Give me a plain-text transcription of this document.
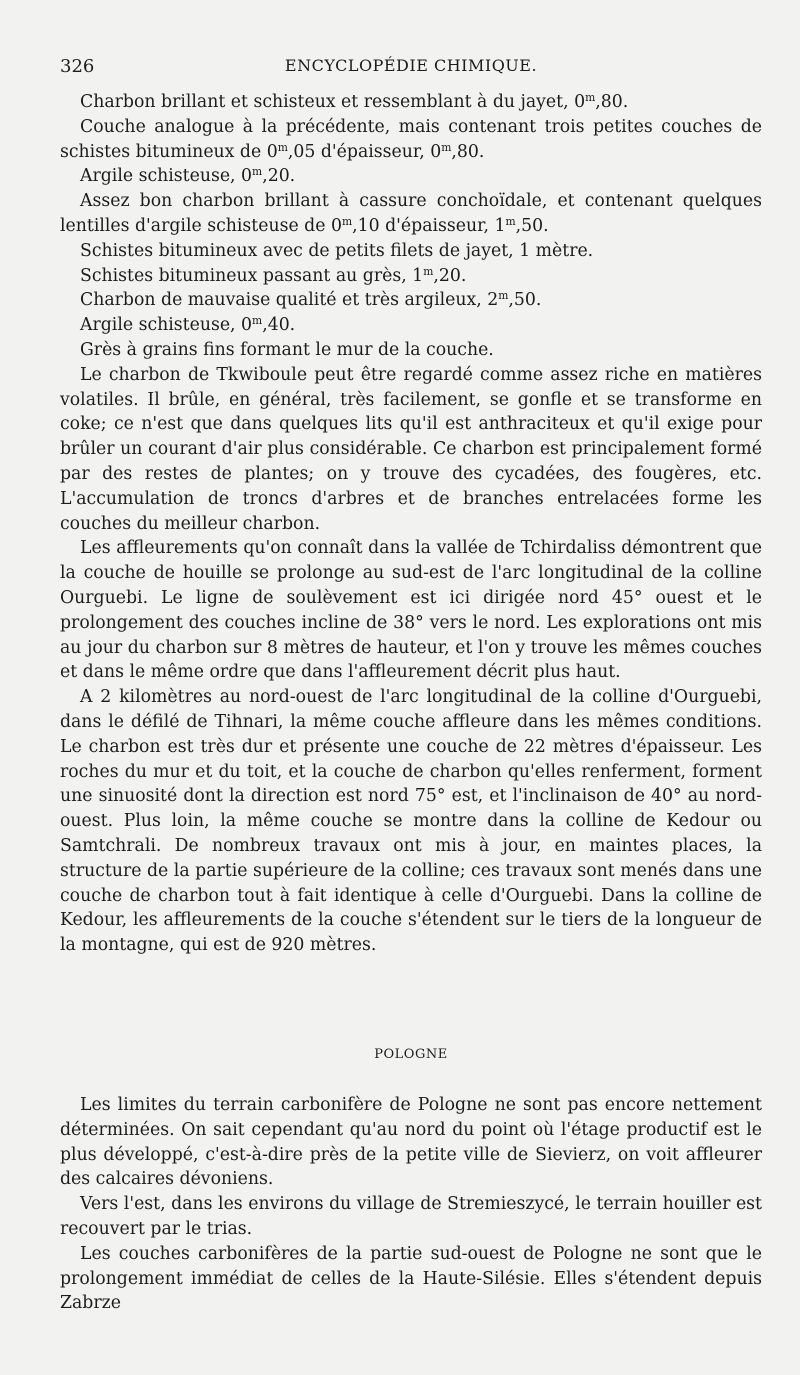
326	ENCYCLOPÉDIE CHIMIQUE.

Charbon brillant et schisteux et ressemblant à du jayet, 0$^m$,80.

Couche analogue à la précédente, mais contenant trois petites couches de schistes bitumineux de 0$^m$,05 d'épaisseur, 0$^m$,80.

Argile schisteuse, 0$^m$,20.

Assez bon charbon brillant à cassure conchoïdale, et contenant quelques lentilles d'argile schisteuse de 0$^m$,10 d'épaisseur, 1$^m$,50.

Schistes bitumineux avec de petits filets de jayet, 1 mètre.

Schistes bitumineux passant au grès, 1$^m$,20.

Charbon de mauvaise qualité et très argileux, 2$^m$,50.

Argile schisteuse, 0$^m$,40.

Grès à grains fins formant le mur de la couche.

Le charbon de Tkwiboule peut être regardé comme assez riche en matières volatiles. Il brûle, en général, très facilement, se gonfle et se transforme en coke; ce n'est que dans quelques lits qu'il est anthraciteux et qu'il exige pour brûler un courant d'air plus considérable. Ce charbon est principalement formé par des restes de plantes; on y trouve des cycadées, des fougères, etc. L'accumulation de troncs d'arbres et de branches entrelacées forme les couches du meilleur charbon.

Les affleurements qu'on connaît dans la vallée de Tchirdaliss démontrent que la couche de houille se prolonge au sud-est de l'arc longitudinal de la colline Ourguebi. Le ligne de soulèvement est ici dirigée nord 45° ouest et le prolongement des couches incline de 38° vers le nord. Les explorations ont mis au jour du charbon sur 8 mètres de hauteur, et l'on y trouve les mêmes couches et dans le même ordre que dans l'affleurement décrit plus haut.

A 2 kilomètres au nord-ouest de l'arc longitudinal de la colline d'Ourguebi, dans le défilé de Tihnari, la même couche affleure dans les mêmes conditions. Le charbon est très dur et présente une couche de 22 mètres d'épaisseur. Les roches du mur et du toit, et la couche de charbon qu'elles renferment, forment une sinuosité dont la direction est nord 75° est, et l'inclinaison de 40° au nord-ouest. Plus loin, la même couche se montre dans la colline de Kedour ou Samtchrali. De nombreux travaux ont mis à jour, en maintes places, la structure de la partie supérieure de la colline; ces travaux sont menés dans une couche de charbon tout à fait identique à celle d'Ourguebi. Dans la colline de Kedour, les affleurements de la couche s'étendent sur le tiers de la longueur de la montagne, qui est de 920 mètres.

POLOGNE

Les limites du terrain carbonifère de Pologne ne sont pas encore nettement déterminées. On sait cependant qu'au nord du point où l'étage productif est le plus développé, c'est-à-dire près de la petite ville de Sievierz, on voit affleurer des calcaires dévoniens.

Vers l'est, dans les environs du village de Stremieszycé, le terrain houiller est recouvert par le trias.

Les couches carbonifères de la partie sud-ouest de Pologne ne sont que le prolongement immédiat de celles de la Haute-Silésie. Elles s'étendent depuis Zabrze
